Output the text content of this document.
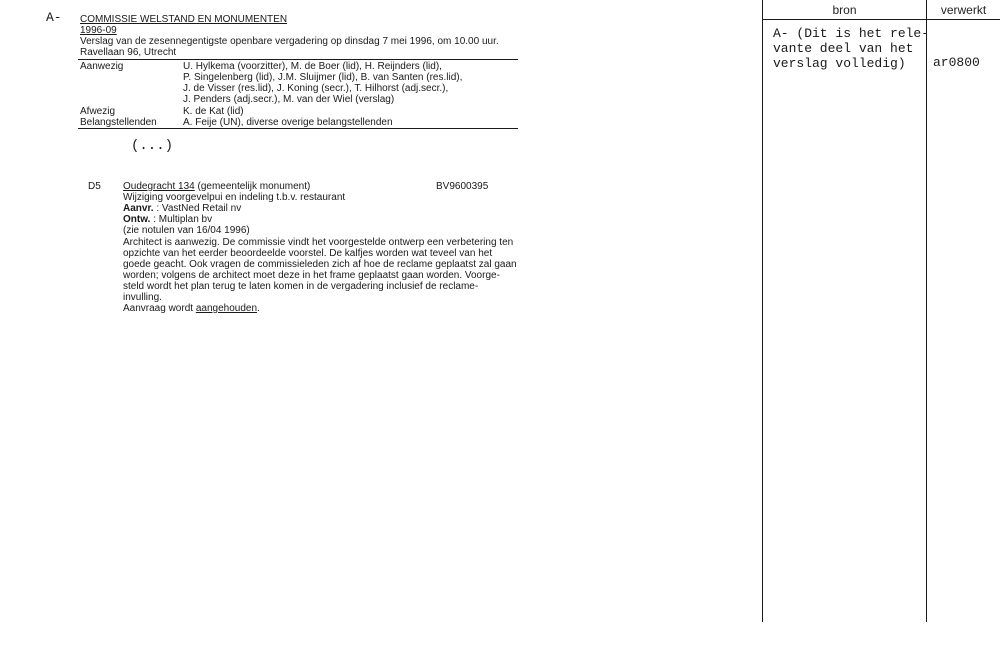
A- COMMISSIE WELSTAND EN MONUMENTEN
1996-09
Verslag van de zesennegentigste openbare vergadering op dinsdag 7 mei 1996, om 10.00 uur.
Ravellaan 96, Utrecht
Aanwezig	U. Hylkema (voorzitter), M. de Boer (lid), H. Reijnders (lid),
P. Singelenberg (lid), J.M. Sluijmer (lid), B. van Santen (res.lid),
J. de Visser (res.lid), J. Koning (secr.), T. Hilhorst (adj.secr.),
J. Penders (adj.secr.), M. van der Wiel (verslag)
Afwezig	K. de Kat (lid)
Belangstellenden	A. Feije (UN), diverse overige belangstellenden
(...)
D5 Oudegracht 134 (gemeentelijk monument)	BV9600395
Wijziging voorgevelpui en indeling t.b.v. restaurant
Aanvr. : VastNed Retail nv
Ontw. : Multiplan bv
(zie notulen van 16/04 1996)
Architect is aanwezig. De commissie vindt het voorgestelde ontwerp een verbetering ten
opzichte van het eerder beoordeelde voorstel. De kalfjes worden wat teveel van het
goede geacht. Ook vragen de commissieleden zich af hoe de reclame geplaatst zal gaan
worden; volgens de architect moet deze in het frame geplaatst gaan worden. Voorge-
steld wordt het plan terug te laten komen in de vergadering inclusief de reclame-
invulling.
Aanvraag wordt aangehouden.
bron	verwerkt
A- (Dit is het rele-
vante deel van het
verslag volledig) ar0800
